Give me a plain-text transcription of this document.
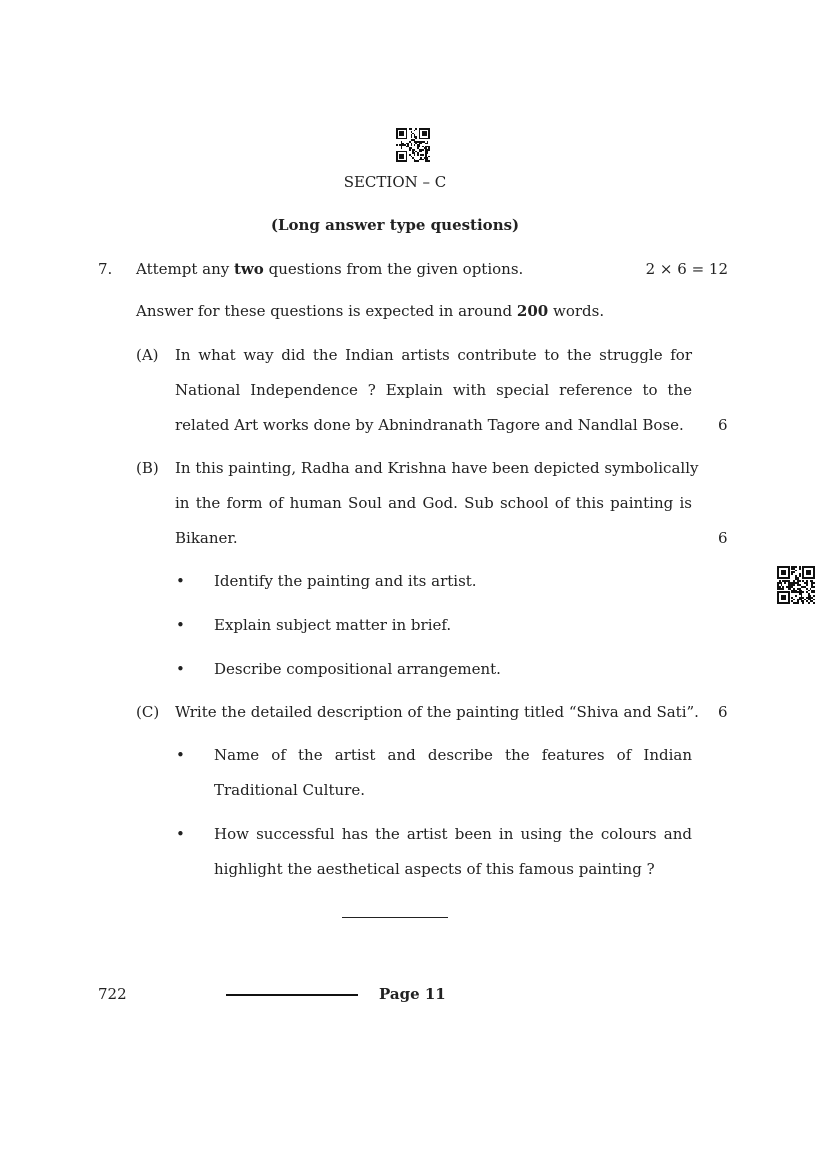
SECTION – C
(Long answer type questions)
7. Attempt any two questions from the given options.	2 × 6 = 12
Answer for these questions is expected in around 200 words.
(A) In what way did the Indian artists contribute to the struggle for
National Independence ? Explain with special reference to the
related Art works done by Abnindranath Tagore and Nandlal Bose. 6
(B) In this painting, Radha and Krishna have been depicted symbolically
in the form of human Soul and God. Sub school of this painting is
Bikaner.	6
• Identify the painting and its artist.
• Explain subject matter in brief.
• Describe compositional arrangement.
(C) Write the detailed description of the painting titled “Shiva and Sati”. 6
• Name of the artist and describe the features of Indian
Traditional Culture.
• How successful has the artist been in using the colours and
highlight the aesthetical aspects of this famous painting ?
722	Page 11
